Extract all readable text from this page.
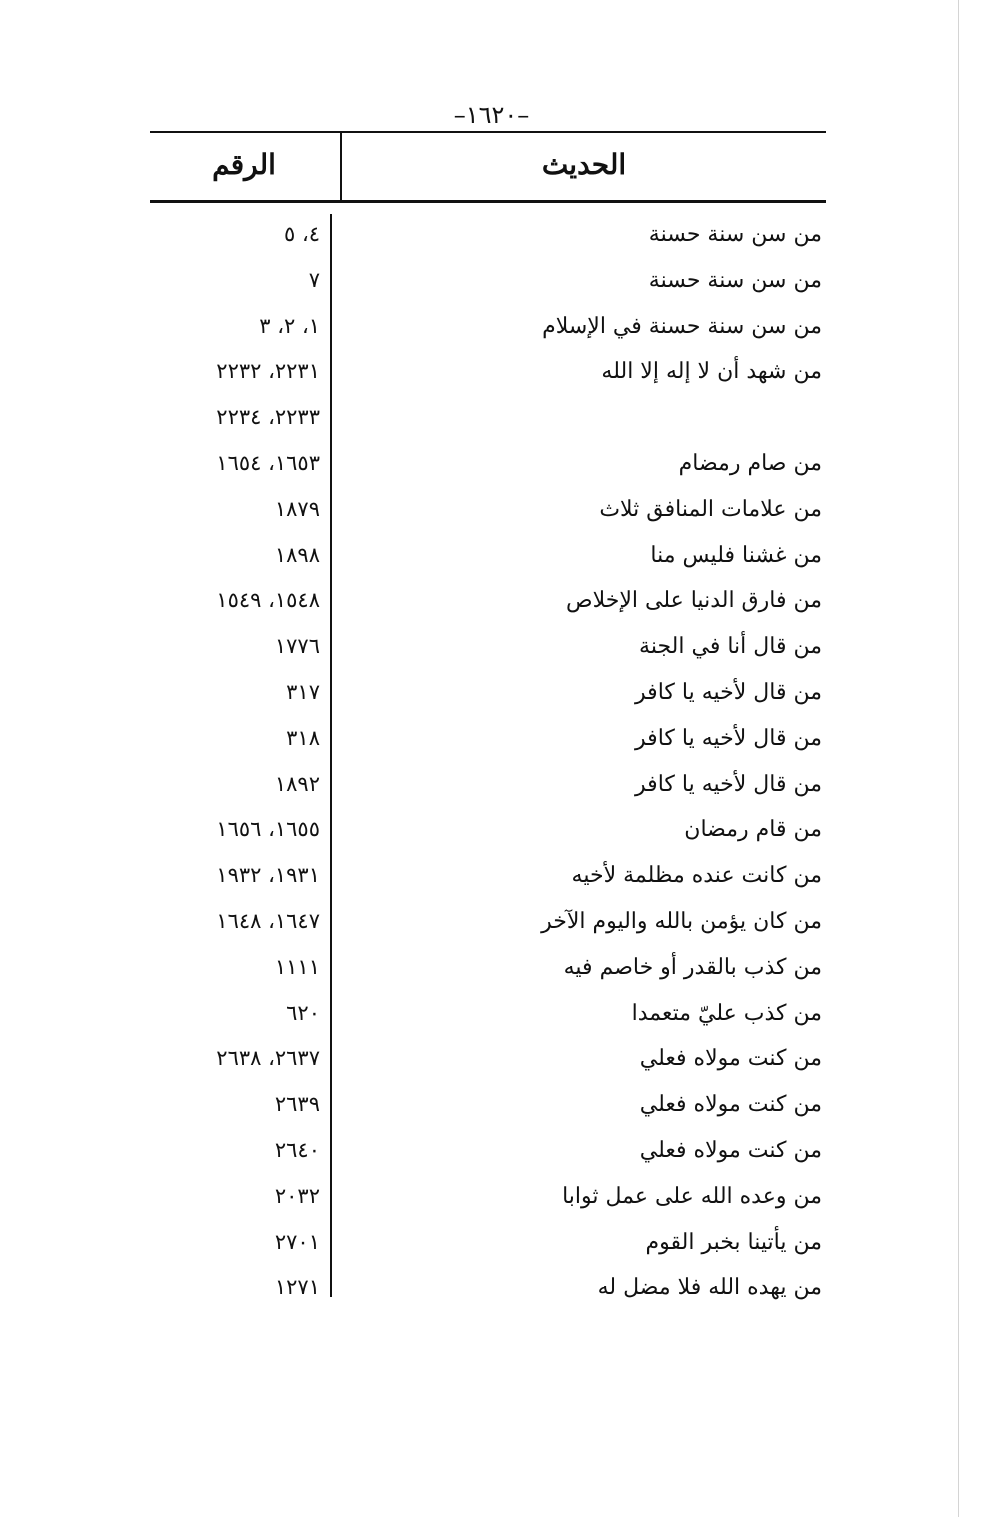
–١٦٢٠–
الحديث
الرقم
من سن سنة حسنة
٤، ٥
من سن سنة حسنة
٧
من سن سنة حسنة في الإسلام
١، ٢، ٣
من شهد أن لا إله إلا الله
٢٢٣١، ٢٢٣٢
٢٢٣٣، ٢٢٣٤
من صام رمضام
١٦٥٣، ١٦٥٤
من علامات المنافق ثلاث
١٨٧٩
من غشنا فليس منا
١٨٩٨
من فارق الدنيا على الإخلاص
١٥٤٨، ١٥٤٩
من قال أنا في الجنة
١٧٧٦
من قال لأخيه يا كافر
٣١٧
من قال لأخيه يا كافر
٣١٨
من قال لأخيه يا كافر
١٨٩٢
من قام رمضان
١٦٥٥، ١٦٥٦
من كانت عنده مظلمة لأخيه
١٩٣١، ١٩٣٢
من كان يؤمن بالله واليوم الآخر
١٦٤٧، ١٦٤٨
من كذب بالقدر أو خاصم فيه
١١١١
من كذب عليّ متعمدا
٦٢٠
من كنت مولاه فعلي
٢٦٣٧، ٢٦٣٨
من كنت مولاه فعلي
٢٦٣٩
من كنت مولاه فعلي
٢٦٤٠
من وعده الله على عمل ثوابا
٢٠٣٢
من يأتينا بخبر القوم
٢٧٠١
من يهده الله فلا مضل له
١٢٧١
